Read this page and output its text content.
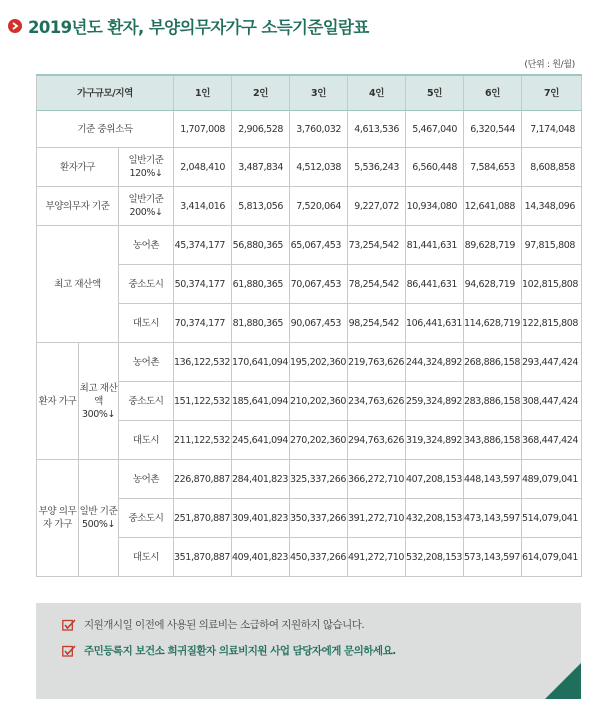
2019년도 환자, 부양의무자가구 소득기준일람표
(단위 : 원/월)
가구규모/지역			1인	2인	3인	4인	5인	6인	7인
기준 중위소득			1,707,008	2,906,528	3,760,032	4,613,536	5,467,040	6,320,544	7,174,048
환자가구		일반기준 120%↓	2,048,410	3,487,834	4,512,038	5,536,243	6,560,448	7,584,653	8,608,858
부양의무자 기준		일반기준 200%↓	3,414,016	5,813,056	7,520,064	9,227,072	10,934,080	12,641,088	14,348,096
최고 재산액		농어촌	45,374,177	56,880,365	65,067,453	73,254,542	81,441,631	89,628,719	97,815,808
		중소도시	50,374,177	61,880,365	70,067,453	78,254,542	86,441,631	94,628,719	102,815,808
		대도시	70,374,177	81,880,365	90,067,453	98,254,542	106,441,631	114,628,719	122,815,808
환자 가구	최고 재산액 300%↓	농어촌	136,122,532	170,641,094	195,202,360	219,763,626	244,324,892	268,886,158	293,447,424
		중소도시	151,122,532	185,641,094	210,202,360	234,763,626	259,324,892	283,886,158	308,447,424
		대도시	211,122,532	245,641,094	270,202,360	294,763,626	319,324,892	343,886,158	368,447,424
부양 의무자 가구	일반 기준 500%↓	농어촌	226,870,887	284,401,823	325,337,266	366,272,710	407,208,153	448,143,597	489,079,041
		중소도시	251,870,887	309,401,823	350,337,266	391,272,710	432,208,153	473,143,597	514,079,041
		대도시	351,870,887	409,401,823	450,337,266	491,272,710	532,208,153	573,143,597	614,079,041
지원개시일 이전에 사용된 의료비는 소급하여 지원하지 않습니다.
주민등록지 보건소 희귀질환자 의료비지원 사업 담당자에게 문의하세요.
